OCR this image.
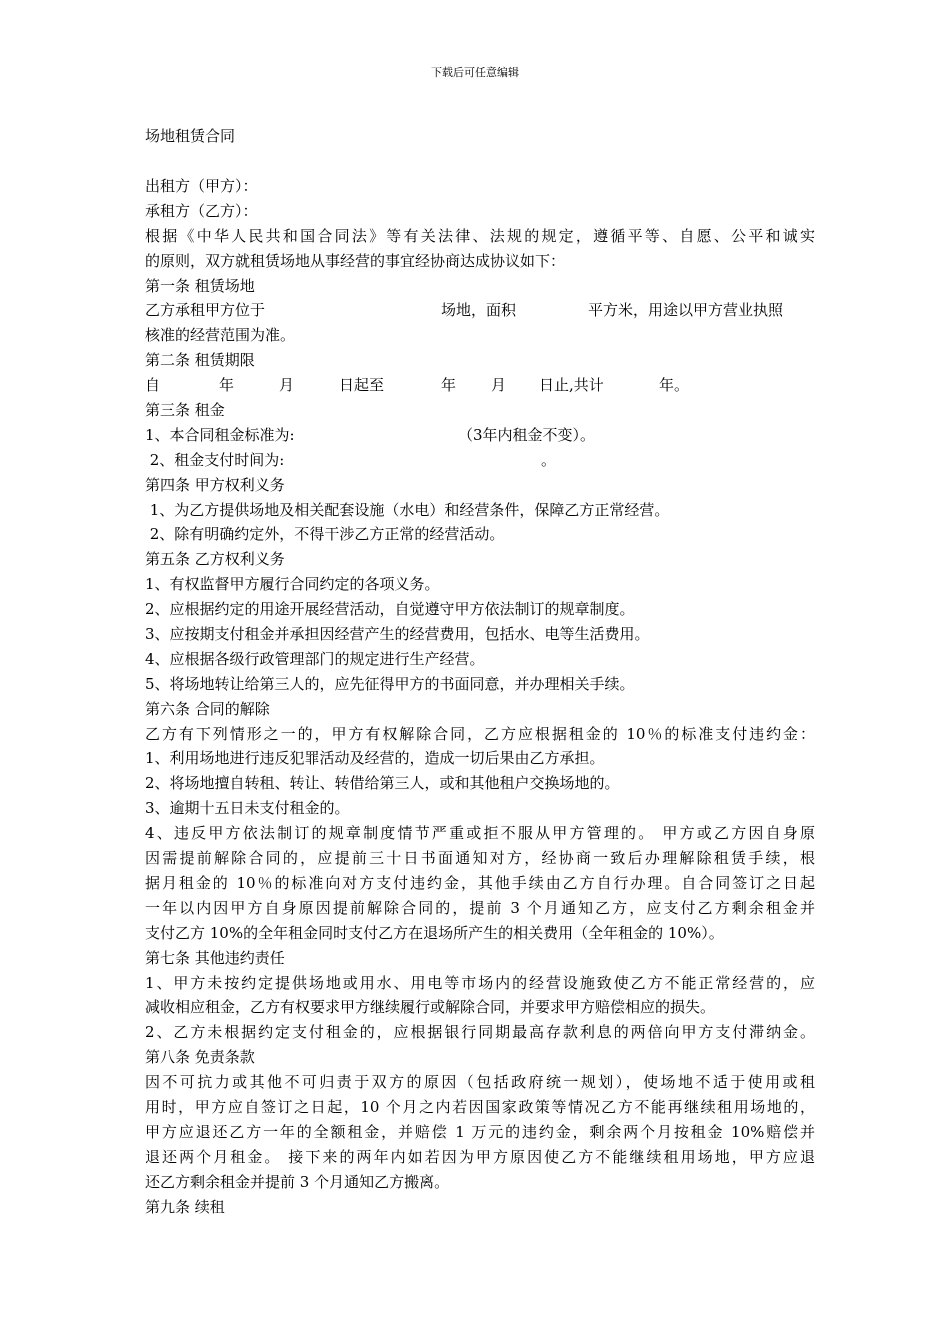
下载后可任意编辑
场地租赁合同
出租方（甲方）：
承租方（乙方）：
根据《中华人民共和国合同法》等有关法律、法规的规定，遵循平等、自愿、公平和诚实
的原则，双方就租赁场地从事经营的事宜经协商达成协议如下：
第一条 租赁场地
乙方承租甲方位于	场地，面积	平方米，用途以甲方营业执照
核准的经营范围为准。
第二条 租赁期限
自	年	月	日起至	年 月 日止,共计	年。
第三条 租金
1、本合同租金标准为:	（3年内租金不变）。
2、租金支付时间为:	。
第四条 甲方权利义务
1、为乙方提供场地及相关配套设施（水电）和经营条件，保障乙方正常经营。
2、除有明确约定外，不得干涉乙方正常的经营活动。
第五条 乙方权利义务
1、有权监督甲方履行合同约定的各项义务。
2、应根据约定的用途开展经营活动，自觉遵守甲方依法制订的规章制度。
3、应按期支付租金并承担因经营产生的经营费用，包括水、电等生活费用。
4、应根据各级行政管理部门的规定进行生产经营。
5、将场地转让给第三人的，应先征得甲方的书面同意，并办理相关手续。
第六条 合同的解除
乙方有下列情形之一的，甲方有权解除合同，乙方应根据租金的 10％的标准支付违约金：
1、利用场地进行违反犯罪活动及经营的，造成一切后果由乙方承担。
2、将场地擅自转租、转让、转借给第三人，或和其他租户交换场地的。
3、逾期十五日未支付租金的。
4、违反甲方依法制订的规章制度情节严重或拒不服从甲方管理的。 甲方或乙方因自身原
因需提前解除合同的，应提前三十日书面通知对方，经协商一致后办理解除租赁手续，根
据月租金的 10％的标准向对方支付违约金，其他手续由乙方自行办理。自合同签订之日起
一年以内因甲方自身原因提前解除合同的，提前 3 个月通知乙方，应支付乙方剩余租金并
支付乙方 10%的全年租金同时支付乙方在退场所产生的相关费用（全年租金的 10%）。
第七条 其他违约责任
1、甲方未按约定提供场地或用水、用电等市场内的经营设施致使乙方不能正常经营的，应
减收相应租金，乙方有权要求甲方继续履行或解除合同，并要求甲方赔偿相应的损失。
2、乙方未根据约定支付租金的，应根据银行同期最高存款利息的两倍向甲方支付滞纳金。
第八条 免责条款
因不可抗力或其他不可归责于双方的原因（包括政府统一规划），使场地不适于使用或租
用时，甲方应自签订之日起，10 个月之内若因国家政策等情况乙方不能再继续租用场地的，
甲方应退还乙方一年的全额租金，并赔偿 1 万元的违约金，剩余两个月按租金 10%赔偿并
退还两个月租金。 接下来的两年内如若因为甲方原因使乙方不能继续租用场地，甲方应退
还乙方剩余租金并提前 3 个月通知乙方搬离。
第九条 续租
